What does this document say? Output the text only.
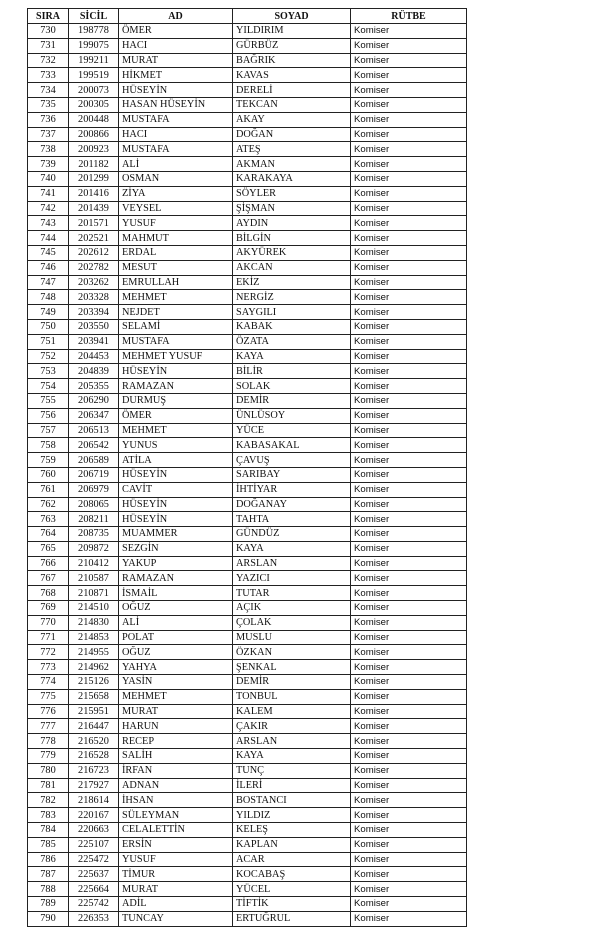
SIRA	SİCİL	AD	SOYAD	RÜTBE
730	198778	ÖMER	YILDIRIM	Komiser
731	199075	HACI	GÜRBÜZ	Komiser
732	199211	MURAT	BAĞRIK	Komiser
733	199519	HİKMET	KAVAS	Komiser
734	200073	HÜSEYİN	DERELİ	Komiser
735	200305	HASAN HÜSEYİN	TEKCAN	Komiser
736	200448	MUSTAFA	AKAY	Komiser
737	200866	HACI	DOĞAN	Komiser
738	200923	MUSTAFA	ATEŞ	Komiser
739	201182	ALİ	AKMAN	Komiser
740	201299	OSMAN	KARAKAYA	Komiser
741	201416	ZİYA	SÖYLER	Komiser
742	201439	VEYSEL	ŞİŞMAN	Komiser
743	201571	YUSUF	AYDIN	Komiser
744	202521	MAHMUT	BİLGİN	Komiser
745	202612	ERDAL	AKYÜREK	Komiser
746	202782	MESUT	AKCAN	Komiser
747	203262	EMRULLAH	EKİZ	Komiser
748	203328	MEHMET	NERGİZ	Komiser
749	203394	NEJDET	SAYGILI	Komiser
750	203550	SELAMİ	KABAK	Komiser
751	203941	MUSTAFA	ÖZATA	Komiser
752	204453	MEHMET YUSUF	KAYA	Komiser
753	204839	HÜSEYİN	BİLİR	Komiser
754	205355	RAMAZAN	SOLAK	Komiser
755	206290	DURMUŞ	DEMİR	Komiser
756	206347	ÖMER	ÜNLÜSOY	Komiser
757	206513	MEHMET	YÜCE	Komiser
758	206542	YUNUS	KABASAKAL	Komiser
759	206589	ATİLA	ÇAVUŞ	Komiser
760	206719	HÜSEYİN	SARIBAY	Komiser
761	206979	CAVİT	İHTİYAR	Komiser
762	208065	HÜSEYİN	DOĞANAY	Komiser
763	208211	HÜSEYİN	TAHTA	Komiser
764	208735	MUAMMER	GÜNDÜZ	Komiser
765	209872	SEZGİN	KAYA	Komiser
766	210412	YAKUP	ARSLAN	Komiser
767	210587	RAMAZAN	YAZICI	Komiser
768	210871	İSMAİL	TUTAR	Komiser
769	214510	OĞUZ	AÇIK	Komiser
770	214830	ALİ	ÇOLAK	Komiser
771	214853	POLAT	MUSLU	Komiser
772	214955	OĞUZ	ÖZKAN	Komiser
773	214962	YAHYA	ŞENKAL	Komiser
774	215126	YASİN	DEMİR	Komiser
775	215658	MEHMET	TONBUL	Komiser
776	215951	MURAT	KALEM	Komiser
777	216447	HARUN	ÇAKIR	Komiser
778	216520	RECEP	ARSLAN	Komiser
779	216528	SALİH	KAYA	Komiser
780	216723	İRFAN	TUNÇ	Komiser
781	217927	ADNAN	İLERİ	Komiser
782	218614	İHSAN	BOSTANCI	Komiser
783	220167	SÜLEYMAN	YILDIZ	Komiser
784	220663	CELALETTİN	KELEŞ	Komiser
785	225107	ERSİN	KAPLAN	Komiser
786	225472	YUSUF	ACAR	Komiser
787	225637	TİMUR	KOCABAŞ	Komiser
788	225664	MURAT	YÜCEL	Komiser
789	225742	ADİL	TİFTİK	Komiser
790	226353	TUNCAY	ERTUĞRUL	Komiser
